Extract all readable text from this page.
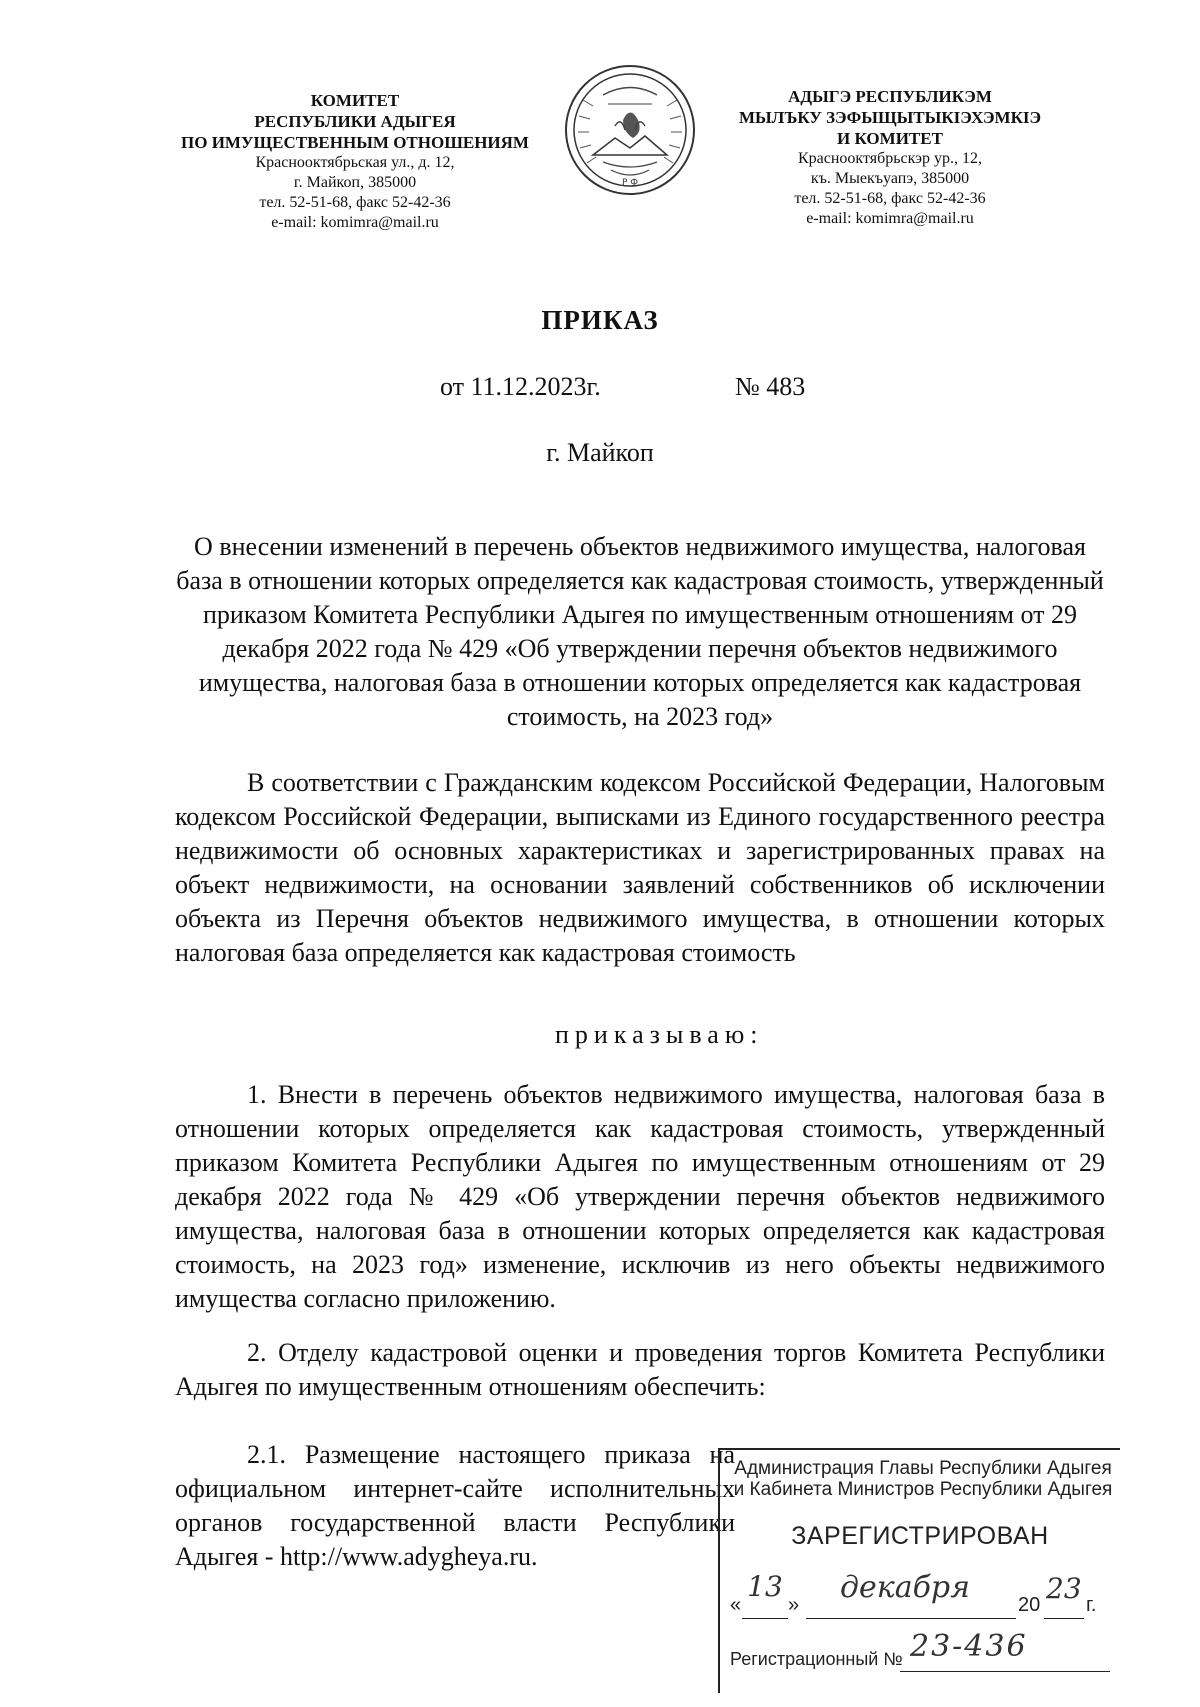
КОМИТЕТ
РЕСПУБЛИКИ АДЫГЕЯ
ПО ИМУЩЕСТВЕННЫМ ОТНОШЕНИЯМ
Краснооктябрьская ул., д. 12,
г. Майкоп, 385000
тел. 52-51-68, факс 52-42-36
e-mail: komimra@mail.ru
Р Ф
АДЫГЭ РЕСПУБЛИКЭМ
МЫЛЪКУ ЗЭФЫЩЫТЫКIЭХЭМКIЭ
И КОМИТЕТ
Краснооктябрьскэр ур., 12,
къ. Мыекъуапэ, 385000
тел. 52-51-68, факс 52-42-36
e-mail: komimra@mail.ru
ПРИКАЗ
от 11.12.2023г.	№ 483
г. Майкоп
О внесении изменений в перечень объектов недвижимого имущества, налоговая база в отношении которых определяется как кадастровая стоимость, утвержденный приказом Комитета Республики Адыгея по имущественным отношениям от 29 декабря 2022 года № 429 «Об утверждении перечня объектов недвижимого имущества, налоговая база в отношении которых определяется как кадастровая стоимость, на 2023 год»

В соответствии с Гражданским кодексом Российской Федерации, Налоговым кодексом Российской Федерации, выписками из Единого государственного реестра недвижимости об основных характеристиках и зарегистрированных правах на объект недвижимости, на основании заявлений собственников об исключении объекта из Перечня объектов недвижимого имущества, в отношении которых налоговая база определяется как кадастровая стоимость

приказываю:

1. Внести в перечень объектов недвижимого имущества, налоговая база в отношении которых определяется как кадастровая стоимость, утвержденный приказом Комитета Республики Адыгея по имущественным отношениям от 29 декабря 2022 года № 429 «Об утверждении перечня объектов недвижимого имущества, налоговая база в отношении которых определяется как кадастровая стоимость, на 2023 год» изменение, исключив из него объекты недвижимого имущества согласно приложению.

2. Отделу кадастровой оценки и проведения торгов Комитета Республики Адыгея по имущественным отношениям обеспечить:

2.1. Размещение настоящего приказа на официальном интернет-сайте исполнительных органов государственной власти Республики Адыгея - http://www.adygheya.ru.

Администрация Главы Республики Адыгея
и Кабинета Министров Республики Адыгея
ЗАРЕГИСТРИРОВАН
«
13
»	декабря	20 23 г.
Регистрационный № 23-436
